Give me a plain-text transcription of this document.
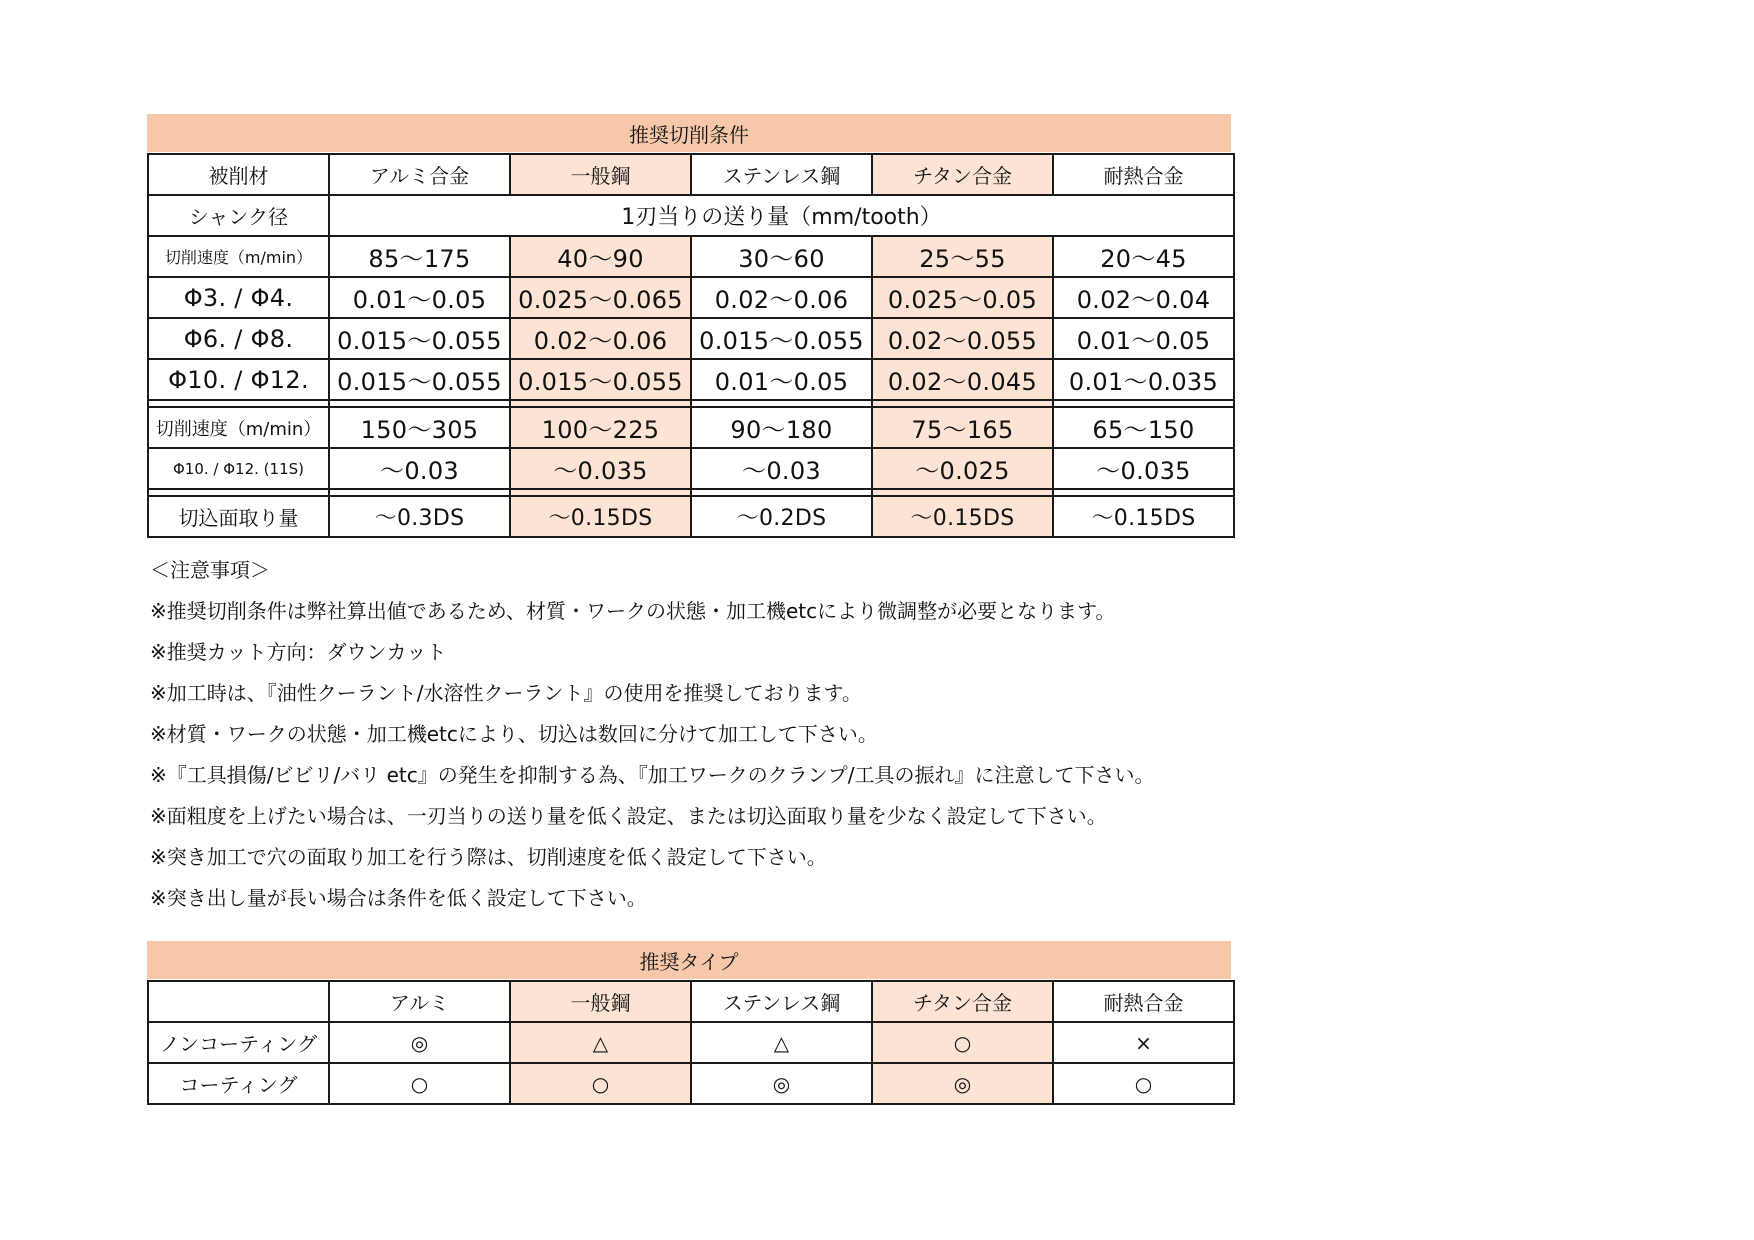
推奨切削条件
被削材	アルミ合金	一般鋼	ステンレス鋼	チタン合金	耐熱合金
シャンク径	1刃当りの送り量（mm/tooth）				
切削速度（m/min）	85～175	40～90	30～60	25～55	20～45
Φ3. / Φ4.	0.01～0.05	0.025～0.065	0.02～0.06	0.025～0.05	0.02～0.04
Φ6. / Φ8.	0.015～0.055	0.02～0.06	0.015～0.055	0.02～0.055	0.01～0.05
Φ10. / Φ12.	0.015～0.055	0.015～0.055	0.01～0.05	0.02～0.045	0.01～0.035

切削速度（m/min）	150～305	100～225	90～180	75～165	65～150
Φ10. / Φ12. (11S)	～0.03	～0.035	～0.03	～0.025	～0.035

切込面取り量	～0.3DS	～0.15DS	～0.2DS	～0.15DS	～0.15DS
＜注意事項＞
※推奨切削条件は弊社算出値であるため、材質・ワークの状態・加工機etcにより微調整が必要となります。
※推奨カット方向：ダウンカット
※加工時は、『油性クーラント/水溶性クーラント』の使用を推奨しております。
※材質・ワークの状態・加工機etcにより、切込は数回に分けて加工して下さい。
※『工具損傷/ビビリ/バリ etc』の発生を抑制する為、『加工ワークのクランプ/工具の振れ』に注意して下さい。
※面粗度を上げたい場合は、一刃当りの送り量を低く設定、または切込面取り量を少なく設定して下さい。
※突き加工で穴の面取り加工を行う際は、切削速度を低く設定して下さい。
※突き出し量が長い場合は条件を低く設定して下さい。
推奨タイプ
	アルミ	一般鋼	ステンレス鋼	チタン合金	耐熱合金
ノンコーティング	◎	△	△	○	×
コーティング	○	○	◎	◎	○
